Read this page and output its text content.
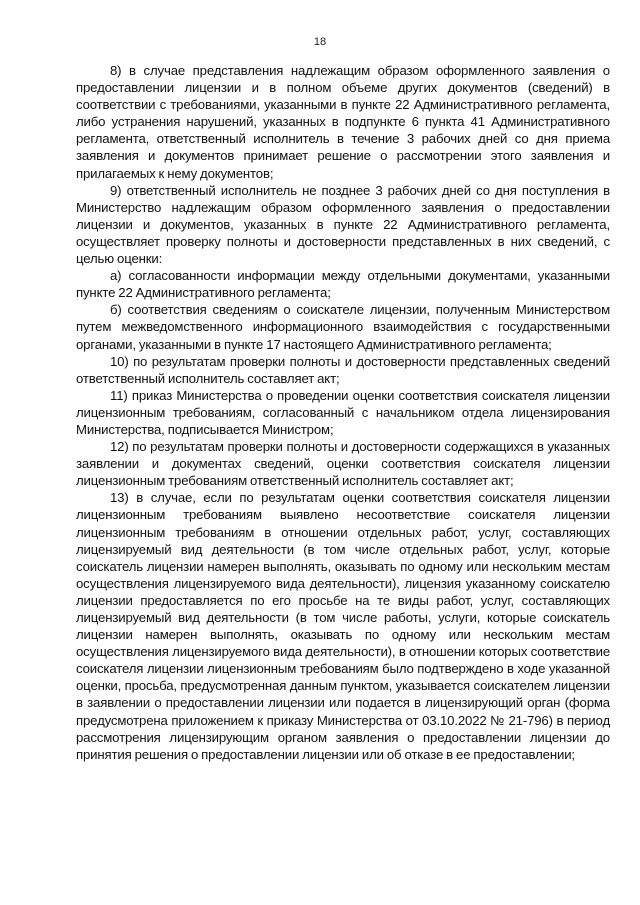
18

8) в случае представления надлежащим образом оформленного заявления о предоставлении лицензии и в полном объеме других документов (сведений) в соответствии с требованиями, указанными в пункте 22 Административного регламента, либо устранения нарушений, указанных в подпункте 6 пункта 41 Административного регламента, ответственный исполнитель в течение 3 рабочих дней со дня приема заявления и документов принимает решение о рассмотрении этого заявления и прилагаемых к нему документов;

9) ответственный исполнитель не позднее 3 рабочих дней со дня поступления в Министерство надлежащим образом оформленного заявления о предоставлении лицензии и документов, указанных в пункте 22 Административного регламента, осуществляет проверку полноты и достоверности представленных в них сведений, с целью оценки:

а) согласованности информации между отдельными документами, указанными пункте 22 Административного регламента;

б) соответствия сведениям о соискателе лицензии, полученным Министерством путем межведомственного информационного взаимодействия с государственными органами, указанными в пункте 17 настоящего Административного регламента;

10) по результатам проверки полноты и достоверности представленных сведений ответственный исполнитель составляет акт;

11) приказ Министерства о проведении оценки соответствия соискателя лицензии лицензионным требованиям, согласованный с начальником отдела лицензирования Министерства, подписывается Министром;

12) по результатам проверки полноты и достоверности содержащихся в указанных заявлении и документах сведений, оценки соответствия соискателя лицензии лицензионным требованиям ответственный исполнитель составляет акт;

13) в случае, если по результатам оценки соответствия соискателя лицензии лицензионным требованиям выявлено несоответствие соискателя лицензии лицензионным требованиям в отношении отдельных работ, услуг, составляющих лицензируемый вид деятельности (в том числе отдельных работ, услуг, которые соискатель лицензии намерен выполнять, оказывать по одному или нескольким местам осуществления лицензируемого вида деятельности), лицензия указанному соискателю лицензии предоставляется по его просьбе на те виды работ, услуг, составляющих лицензируемый вид деятельности (в том числе работы, услуги, которые соискатель лицензии намерен выполнять, оказывать по одному или нескольким местам осуществления лицензируемого вида деятельности), в отношении которых соответствие соискателя лицензии лицензионным требованиям было подтверждено в ходе указанной оценки, просьба, предусмотренная данным пунктом, указывается соискателем лицензии в заявлении о предоставлении лицензии или подается в лицензирующий орган (форма предусмотрена приложением к приказу Министерства от 03.10.2022 № 21-796) в период рассмотрения лицензирующим органом заявления о предоставлении лицензии до принятия решения о предоставлении лицензии или об отказе в ее предоставлении;
